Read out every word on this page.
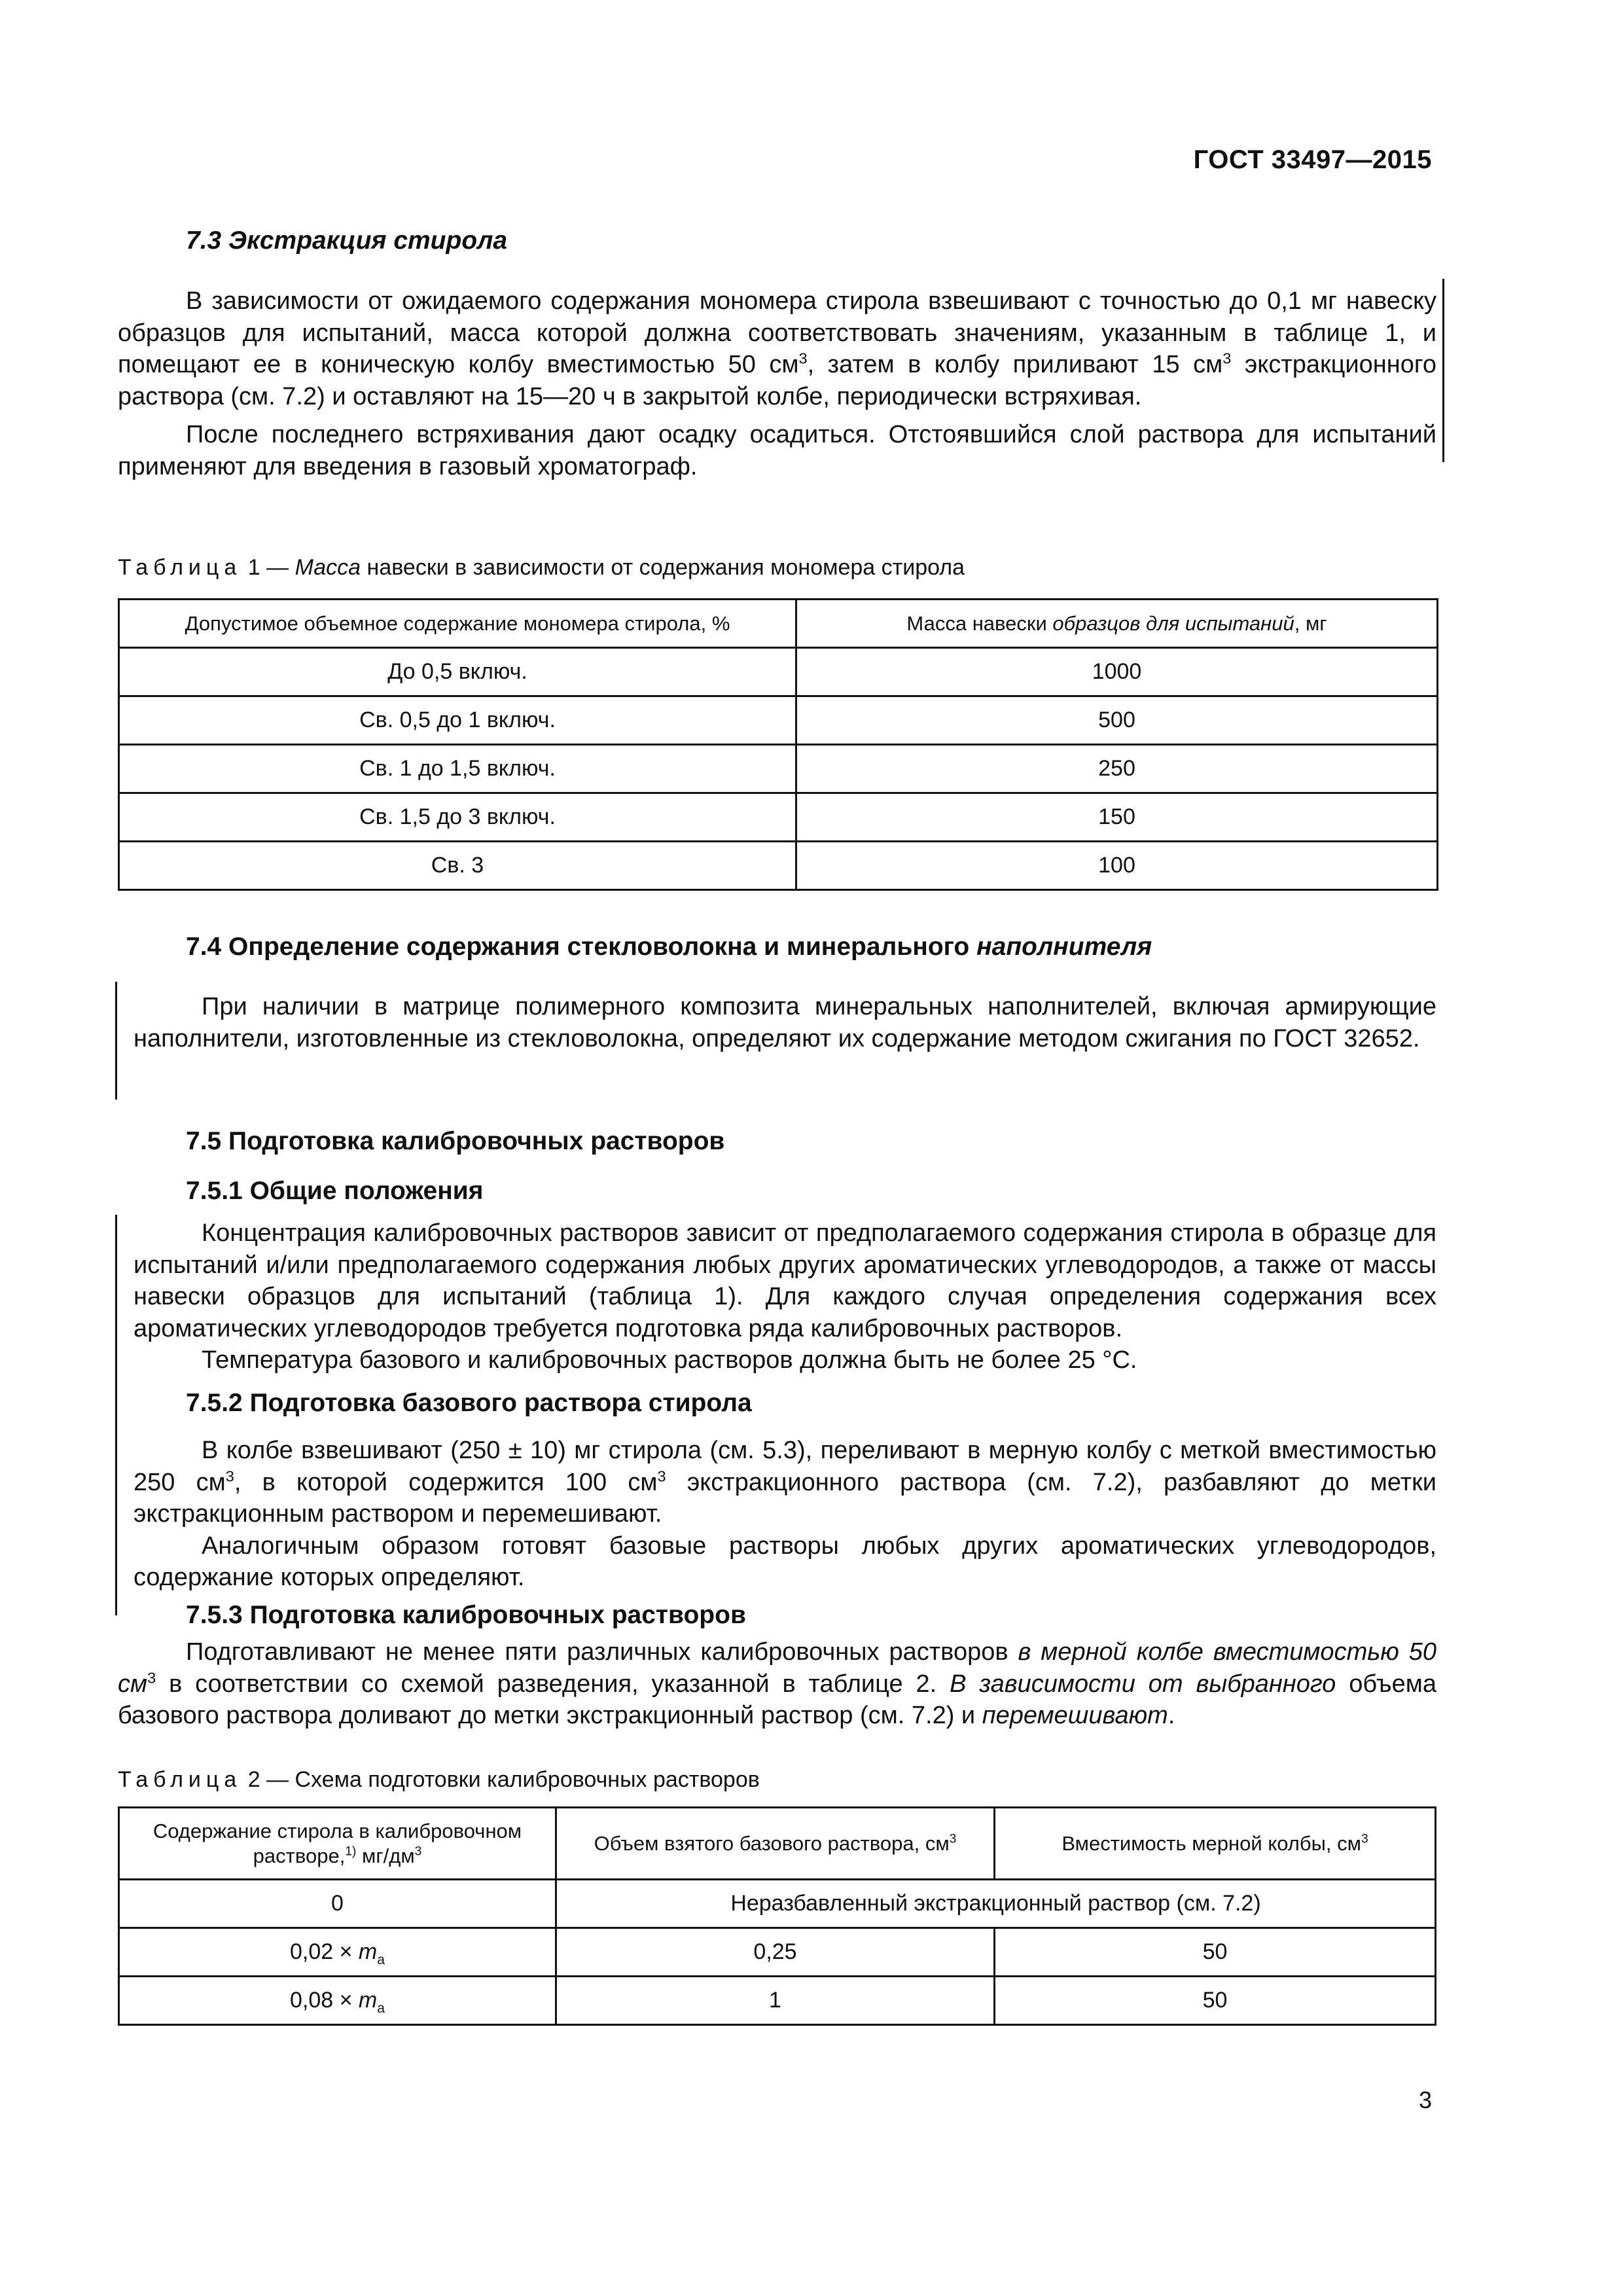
ГОСТ 33497—2015

7.3 Экстракция стирола

В зависимости от ожидаемого содержания мономера стирола взвешивают с точностью до 0,1 мг навеску образцов для испытаний, масса которой должна соответствовать значениям, указанным в таблице 1, и помещают ее в коническую колбу вместимостью 50 $см^3$, затем в колбу приливают 15 $см^3$ экстракционного раствора (см. 7.2) и оставляют на 15—20 ч в закрытой колбе, периодически встряхивая.

После последнего встряхивания дают осадку осадиться. Отстоявшийся слой раствора для испытаний применяют для введения в газовый хроматограф.

Таблица 1 — Масса навески в зависимости от содержания мономера стирола
Допустимое объемное содержание мономера стирола, %	Масса навески образцов для испытаний, мг
До 0,5 включ.	1000
Св. 0,5 до 1 включ.	500
Св. 1 до 1,5 включ.	250
Св. 1,5 до 3 включ.	150
Св. 3	100

7.4 Определение содержания стекловолокна и минерального наполнителя

При наличии в матрице полимерного композита минеральных наполнителей, включая армирующие наполнители, изготовленные из стекловолокна, определяют их содержание методом сжигания по ГОСТ 32652.

7.5 Подготовка калибровочных растворов

7.5.1 Общие положения

Концентрация калибровочных растворов зависит от предполагаемого содержания стирола в образце для испытаний и/или предполагаемого содержания любых других ароматических углеводородов, а также от массы навески образцов для испытаний (таблица 1). Для каждого случая определения содержания всех ароматических углеводородов требуется подготовка ряда калибровочных растворов.

Температура базового и калибровочных растворов должна быть не более 25 °С.

7.5.2 Подготовка базового раствора стирола

В колбе взвешивают (250 ± 10) мг стирола (см. 5.3), переливают в мерную колбу с меткой вместимостью 250 $см^3$, в которой содержится 100 $см^3$ экстракционного раствора (см. 7.2), разбавляют до метки экстракционным раствором и перемешивают.

Аналогичным образом готовят базовые растворы любых других ароматических углеводородов, содержание которых определяют.

7.5.3 Подготовка калибровочных растворов

Подготавливают не менее пяти различных калибровочных растворов в мерной колбе вместимостью 50 $см^3$ в соответствии со схемой разведения, указанной в таблице 2. В зависимости от выбранного объема базового раствора доливают до метки экстракционный раствор (см. 7.2) и перемешивают.

Таблица 2 — Схема подготовки калибровочных растворов
Содержание стирола в калибровочном растворе,$^{1)}$ $мг/дм^3$	Объем взятого базового раствора, $см^3$	Вместимость мерной колбы, $см^3$
0	Неразбавленный экстракционный раствор (см. 7.2)	
$0,02 \times m_a$	0,25	50
$0,08 \times m_a$	1	50
3
